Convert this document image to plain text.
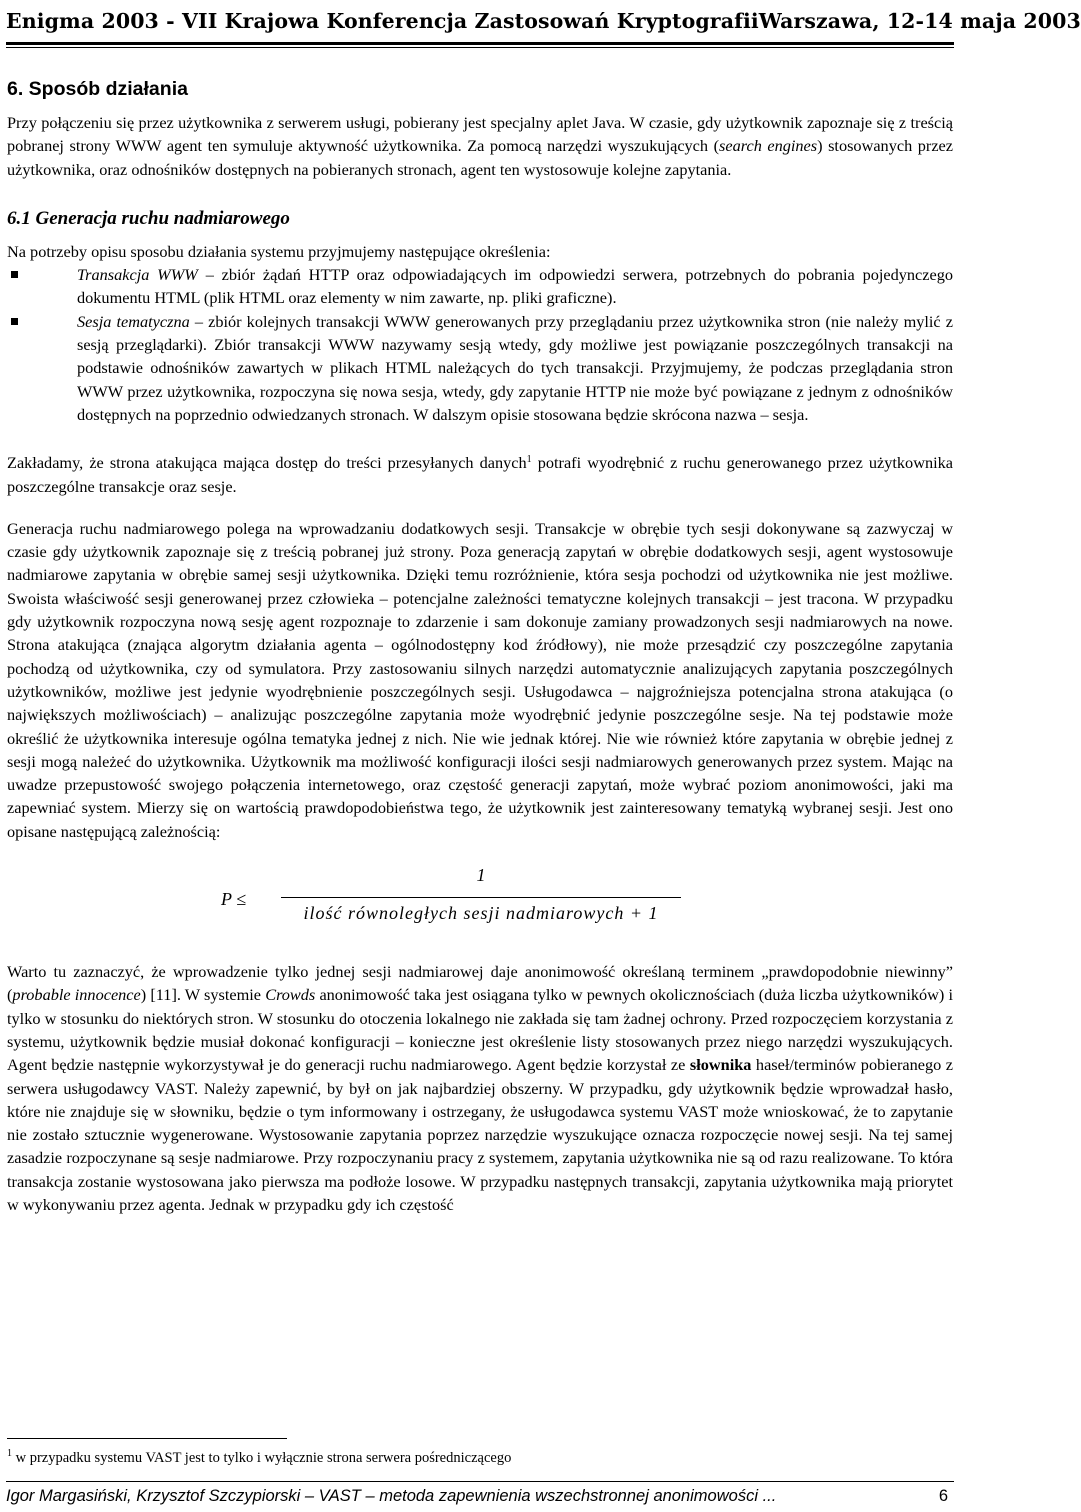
Enigma 2003 - VII Krajowa Konferencja Zastosowań Kryptografii Warszawa, 12-14 maja 2003
6. Sposób działania

Przy połączeniu się przez użytkownika z serwerem usługi, pobierany jest specjalny aplet Java. W czasie, gdy użytkownik zapoznaje się z treścią pobranej strony WWW agent ten symuluje aktywność użytkownika. Za pomocą narzędzi wyszukujących (search engines) stosowanych przez użytkownika, oraz odnośników dostępnych na pobieranych stronach, agent ten wystosowuje kolejne zapytania.

6.1 Generacja ruchu nadmiarowego

Na potrzeby opisu sposobu działania systemu przyjmujemy następujące określenia:

Transakcja WWW – zbiór żądań HTTP oraz odpowiadających im odpowiedzi serwera, potrzebnych do pobrania pojedynczego dokumentu HTML (plik HTML oraz elementy w nim zawarte, np. pliki graficzne).
Sesja tematyczna – zbiór kolejnych transakcji WWW generowanych przy przeglądaniu przez użytkownika stron (nie należy mylić z sesją przeglądarki). Zbiór transakcji WWW nazywamy sesją wtedy, gdy możliwe jest powiązanie poszczególnych transakcji na podstawie odnośników zawartych w plikach HTML należących do tych transakcji. Przyjmujemy, że podczas przeglądania stron WWW przez użytkownika, rozpoczyna się nowa sesja, wtedy, gdy zapytanie HTTP nie może być powiązane z jednym z odnośników dostępnych na poprzednio odwiedzanych stronach. W dalszym opisie stosowana będzie skrócona nazwa – sesja.

Zakładamy, że strona atakująca mająca dostęp do treści przesyłanych danych$^1$ potrafi wyodrębnić z ruchu generowanego przez użytkownika poszczególne transakcje oraz sesje.

Generacja ruchu nadmiarowego polega na wprowadzaniu dodatkowych sesji. Transakcje w obrębie tych sesji dokonywane są zazwyczaj w czasie gdy użytkownik zapoznaje się z treścią pobranej już strony. Poza generacją zapytań w obrębie dodatkowych sesji, agent wystosowuje nadmiarowe zapytania w obrębie samej sesji użytkownika. Dzięki temu rozróżnienie, która sesja pochodzi od użytkownika nie jest możliwe. Swoista właściwość sesji generowanej przez człowieka – potencjalne zależności tematyczne kolejnych transakcji – jest tracona. W przypadku gdy użytkownik rozpoczyna nową sesję agent rozpoznaje to zdarzenie i sam dokonuje zamiany prowadzonych sesji nadmiarowych na nowe. Strona atakująca (znająca algorytm działania agenta – ogólnodostępny kod źródłowy), nie może przesądzić czy poszczególne zapytania pochodzą od użytkownika, czy od symulatora. Przy zastosowaniu silnych narzędzi automatycznie analizujących zapytania poszczególnych użytkowników, możliwe jest jedynie wyodrębnienie poszczególnych sesji. Usługodawca – najgroźniejsza potencjalna strona atakująca (o największych możliwościach) – analizując poszczególne zapytania może wyodrębnić jedynie poszczególne sesje. Na tej podstawie może określić że użytkownika interesuje ogólna tematyka jednej z nich. Nie wie jednak której. Nie wie również które zapytania w obrębie jednej z sesji mogą należeć do użytkownika. Użytkownik ma możliwość konfiguracji ilości sesji nadmiarowych generowanych przez system. Mając na uwadze przepustowość swojego połączenia internetowego, oraz częstość generacji zapytań, może wybrać poziom anonimowości, jaki ma zapewniać system. Mierzy się on wartością prawdopodobieństwa tego, że użytkownik jest zainteresowany tematyką wybranej sesji. Jest ono opisane następującą zależnością:

P ≤
1
ilość równoległych sesji nadmiarowych + 1

Warto tu zaznaczyć, że wprowadzenie tylko jednej sesji nadmiarowej daje anonimowość określaną terminem „prawdopodobnie niewinny” (probable innocence) [11]. W systemie Crowds anonimowość taka jest osiągana tylko w pewnych okolicznościach (duża liczba użytkowników) i tylko w stosunku do niektórych stron. W stosunku do otoczenia lokalnego nie zakłada się tam żadnej ochrony. Przed rozpoczęciem korzystania z systemu, użytkownik będzie musiał dokonać konfiguracji – konieczne jest określenie listy stosowanych przez niego narzędzi wyszukujących. Agent będzie następnie wykorzystywał je do generacji ruchu nadmiarowego. Agent będzie korzystał ze słownika haseł/terminów pobieranego z serwera usługodawcy VAST. Należy zapewnić, by był on jak najbardziej obszerny. W przypadku, gdy użytkownik będzie wprowadzał hasło, które nie znajduje się w słowniku, będzie o tym informowany i ostrzegany, że usługodawca systemu VAST może wnioskować, że to zapytanie nie zostało sztucznie wygenerowane. Wystosowanie zapytania poprzez narzędzie wyszukujące oznacza rozpoczęcie nowej sesji. Na tej samej zasadzie rozpoczynane są sesje nadmiarowe. Przy rozpoczynaniu pracy z systemem, zapytania użytkownika nie są od razu realizowane. To która transakcja zostanie wystosowana jako pierwsza ma podłoże losowe. W przypadku następnych transakcji, zapytania użytkownika mają priorytet w wykonywaniu przez agenta. Jednak w przypadku gdy ich częstość

$^1$ w przypadku systemu VAST jest to tylko i wyłącznie strona serwera pośredniczącego
Igor Margasiński, Krzysztof Szczypiorski – VAST – metoda zapewnienia wszechstronnej anonimowości ...	6
